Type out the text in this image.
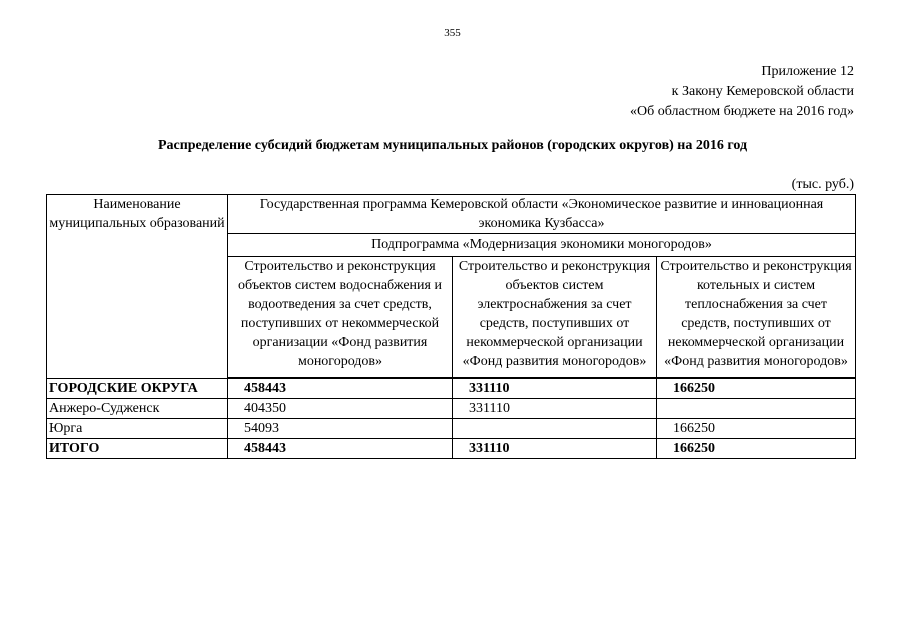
355
Приложение 12
к Закону Кемеровской области
«Об областном бюджете на 2016 год»
Распределение субсидий бюджетам муниципальных районов (городских округов) на 2016 год
(тыс. руб.)
Наименование муниципальных образований	Государственная программа Кемеровской области «Экономическое развитие и инновационная экономика Кузбасса»		
	Подпрограмма «Модернизация экономики моногородов»		
	Строительство и реконструкция объектов систем водоснабжения и водоотведения за счет средств, поступивших от некоммерческой организации «Фонд развития моногородов»	Строительство и реконструкция объектов систем электроснабжения за счет средств, поступивших от некоммерческой организации «Фонд развития моногородов»	Строительство и реконструкция котельных и систем теплоснабжения за счет средств, поступивших от некоммерческой организации «Фонд развития моногородов»
ГОРОДСКИЕ ОКРУГА	458443	331110	166250
Анжеро-Судженск	404350	331110	
Юрга	54093		166250
ИТОГО	458443	331110	166250
